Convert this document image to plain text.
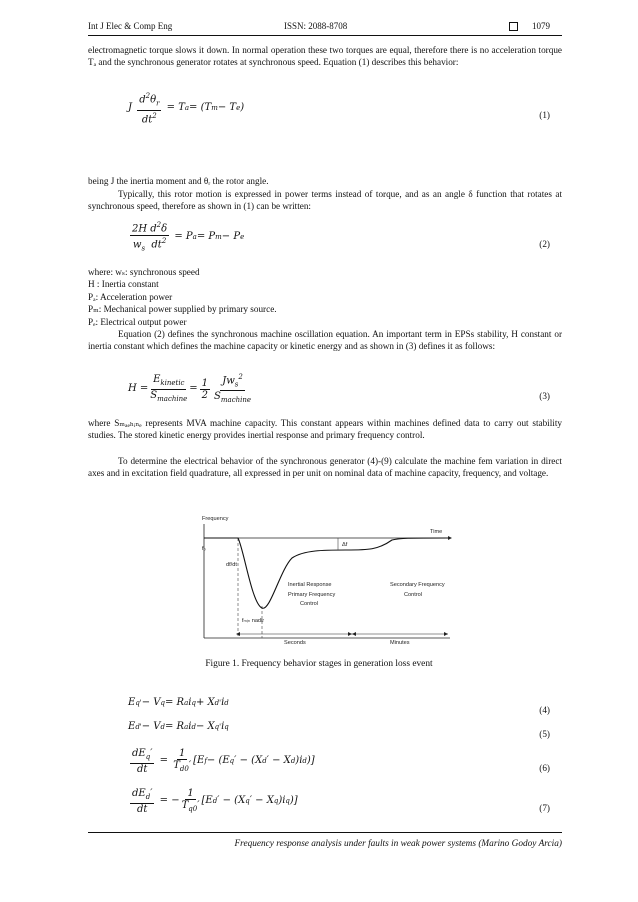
Int J Elec & Comp Eng	ISSN: 2088-8708	1079
electromagnetic torque slows it down. In normal operation these two torques are equal, therefore there is no acceleration torque Tₐ and the synchronous generator rotates at synchronous speed. Equation (1) describes this behavior:
J $\frac{d^2\theta_r}{dt^2} = T$ a = (T m − T e )
(1)
being J the inertia moment and θᵣ the rotor angle.
Typically, this rotor motion is expressed in power terms instead of torque, and as an angle δ function that rotates at synchronous speed, therefore as shown in (1) can be written:
$\frac{2H d^2\delta}{w_s dt^2} = P$ a = P m − P e
(2)
where: wₛ: synchronous speed
H : Inertia constant
Pₐ: Acceleration power
Pₘ: Mechanical power supplied by primary source.
Pₑ: Electrical output power
Equation (2) defines the synchronous machine oscillation equation. An important term in EPSs stability, H constant or inertia constant which defines the machine capacity or kinetic energy and as shown in (3) defines it as follows:
$H = \frac{E_{kinetic}}{S_{machine}} = \frac{1}{2} \frac{Jw_s^2}{S_{machine}}$	(3)
where Sₘₐₑₕᵢₙₑ represents MVA machine capacity. This constant appears within machines defined data to carry out stability studies. The stored kinetic energy provides inertial response and primary frequency control.
To determine the electrical behavior of the synchronous generator (4)-(9) calculate the machine fem variation in direct axes and in excitation field quadrature, all expressed in per unit on nominal data of machine capacity, frequency, and voltage.
Frequency
Time
f₀
df/dt
Δf
fₘᵢₙ nadir
Inertial Response
Primary Frequency
Control
Secondary Frequency
Control
Seconds	Minutes
Figure 1. Frequency behavior stages in generation loss event
E q ' − V q = R a i q + X d ' i d
(4)
E d ' − V d = R a i d − X q ' i q
(5)
$\frac{dE_q'}{dt} = \frac{1}{T_{d0}'} [E$ f − (E q ′ − (X d ′ − X d )i d )]
(6)
$\frac{dE_d'}{dt}$ = − $\frac{1}{T_{q0}'} [E$ d ′ − (X q ′ − X q )i q )]
(7)
Frequency response analysis under faults in weak power systems (Marino Godoy Arcia)
